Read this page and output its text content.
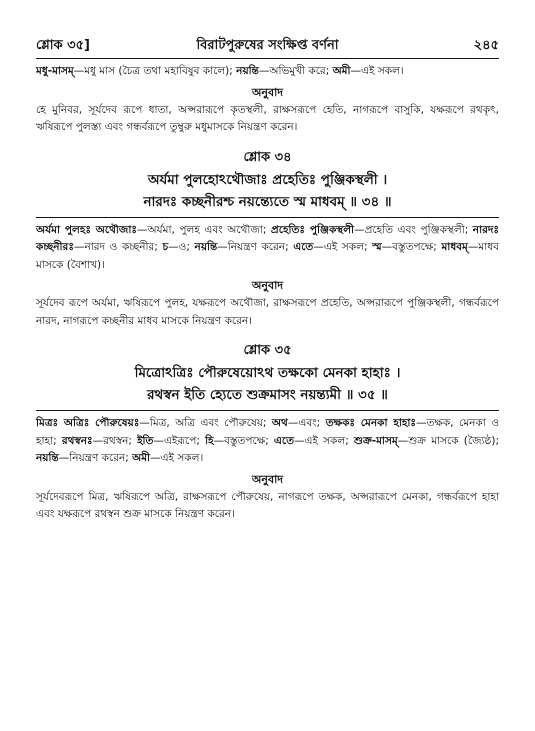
শ্লোক ৩৫]	বিরাটপুরুষের সংক্ষিপ্ত বর্ণনা	২৪৫

মধু-মাসম্—মধু মাস (চৈত্র তথা মহাবিষুব কালে); নয়ন্তি—অভিমুখী করে; অমী—এই সকল।

অনুবাদ

হে মুনিবর, সূর্যদেব রূপে ধাতা, অপ্সরারূপে কৃতস্থলী, রাক্ষসরূপে হেতি, নাগরূপে বাসুকি, যক্ষরূপে রথকৃৎ, ঋষিরূপে পুলস্ত্য এবং গন্ধর্বরূপে তুম্বুরু মধুমাসকে নিয়ন্ত্রণ করেন।

শ্লোক ৩৪

অর্যমা পুলহোঽথৌজাঃ প্রহেতিঃ পুঞ্জিকস্থলী ।

নারদঃ কচ্ছনীরশ্চ নয়ন্ত্যেতে স্ম মাধবম্ ॥ ৩৪ ॥

অর্যমা পুলহঃ অথৌজাঃ—অর্যমা, পুলহ এবং অথৌজা; প্রহেতিঃ পুঞ্জিকস্থলী—প্রহেতি এবং পুঞ্জিকস্থলী; নারদঃ কচ্ছনীরঃ—নারদ ও কচ্ছনীর; চ—ও; নয়ন্তি—নিয়ন্ত্রণ করেন; এতে—এই সকল; স্ম—বস্তুতপক্ষে; মাধবম্—মাধব মাসকে (বৈশাখ)।

অনুবাদ

সূর্যদেব রূপে অর্যমা, ঋষিরূপে পুলহ, যক্ষরূপে অথৌজা, রাক্ষসরূপে প্রহেতি, অপ্সরারূপে পুঞ্জিকস্থলী, গন্ধর্বরূপে নারদ, নাগরূপে কচ্ছনীর মাধব মাসকে নিয়ন্ত্রণ করেন।

শ্লোক ৩৫

মিত্রোঽত্রিঃ পৌরুষেয়োঽথ তক্ষকো মেনকা হাহাঃ ।

রথস্বন ইতি হ্যেতে শুক্রমাসং নয়ন্ত্যমী ॥ ৩৫ ॥

মিত্রঃ অত্রিঃ পৌরুষেয়ঃ—মিত্র, অত্রি এবং পৌরুষেয়; অথ—এবং; তক্ষকঃ মেনকা হাহাঃ—তক্ষক, মেনকা ও হাহা; রথস্বনঃ—রথস্বন; ইতি—এইরূপে; হি—বস্তুতপক্ষে; এতে—এই সকল; শুক্র-মাসম্—শুক্র মাসকে (জ্যৈষ্ঠ); নয়ন্তি—নিয়ন্ত্রণ করেন; অমী—এই সকল।

অনুবাদ

সূর্যদেবরূপে মিত্র, ঋষিরূপে অত্রি, রাক্ষসরূপে পৌরুষেয়, নাগরূপে তক্ষক, অপ্সরারূপে মেনকা, গন্ধর্বরূপে হাহা এবং যক্ষরূপে রথস্বন শুক্র মাসকে নিয়ন্ত্রণ করেন।
